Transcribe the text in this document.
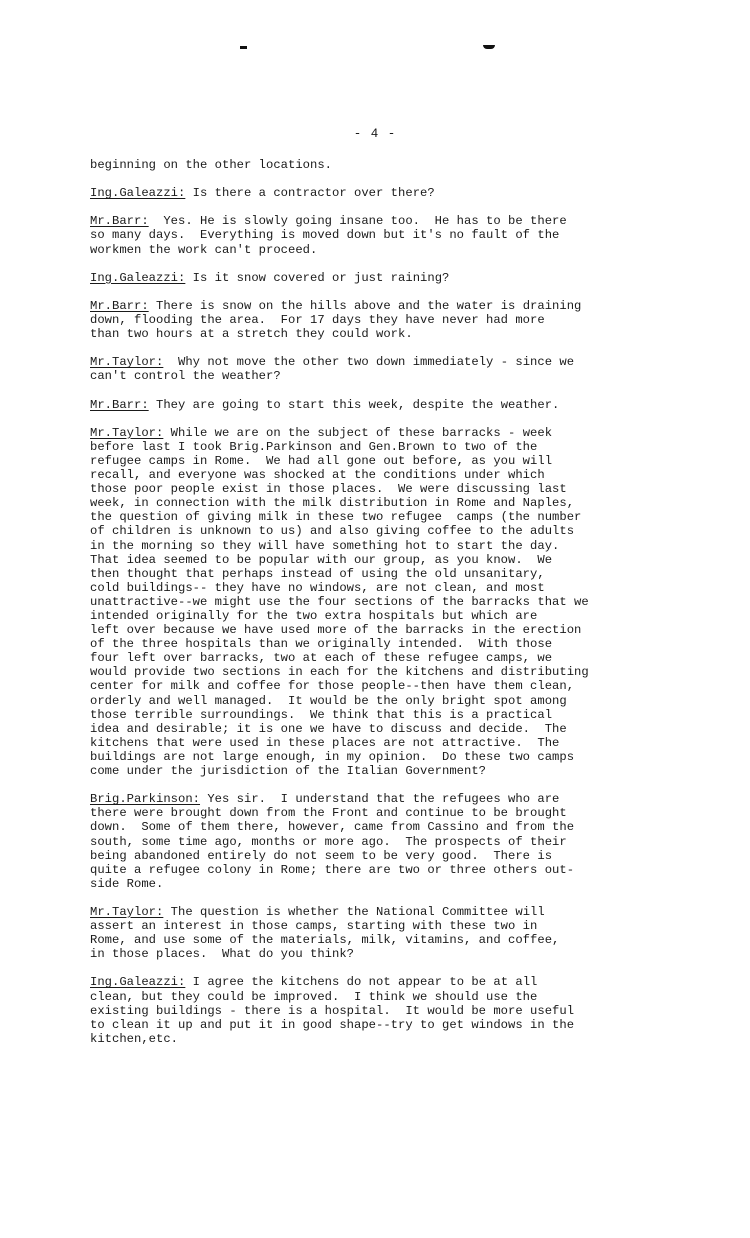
- 4 -
beginning on the other locations.
Ing.Galeazzi: Is there a contractor over there?
Mr.Barr:  Yes. He is slowly going insane too.  He has to be there
so many days.  Everything is moved down but it's no fault of the
workmen the work can't proceed.
Ing.Galeazzi: Is it snow covered or just raining?
Mr.Barr: There is snow on the hills above and the water is draining
down, flooding the area.  For 17 days they have never had more
than two hours at a stretch they could work.
Mr.Taylor:  Why not move the other two down immediately - since we
can't control the weather?
Mr.Barr: They are going to start this week, despite the weather.
Mr.Taylor: While we are on the subject of these barracks - week
before last I took Brig.Parkinson and Gen.Brown to two of the
refugee camps in Rome.  We had all gone out before, as you will
recall, and everyone was shocked at the conditions under which
those poor people exist in those places.  We were discussing last
week, in connection with the milk distribution in Rome and Naples,
the question of giving milk in these two refugee  camps (the number
of children is unknown to us) and also giving coffee to the adults
in the morning so they will have something hot to start the day.
That idea seemed to be popular with our group, as you know.  We
then thought that perhaps instead of using the old unsanitary,
cold buildings-- they have no windows, are not clean, and most
unattractive--we might use the four sections of the barracks that we
intended originally for the two extra hospitals but which are
left over because we have used more of the barracks in the erection
of the three hospitals than we originally intended.  With those
four left over barracks, two at each of these refugee camps, we
would provide two sections in each for the kitchens and distributing
center for milk and coffee for those people--then have them clean,
orderly and well managed.  It would be the only bright spot among
those terrible surroundings.  We think that this is a practical
idea and desirable; it is one we have to discuss and decide.  The
kitchens that were used in these places are not attractive.  The
buildings are not large enough, in my opinion.  Do these two camps
come under the jurisdiction of the Italian Government?
Brig.Parkinson: Yes sir.  I understand that the refugees who are
there were brought down from the Front and continue to be brought
down.  Some of them there, however, came from Cassino and from the
south, some time ago, months or more ago.  The prospects of their
being abandoned entirely do not seem to be very good.  There is
quite a refugee colony in Rome; there are two or three others out-
side Rome.
Mr.Taylor: The question is whether the National Committee will
assert an interest in those camps, starting with these two in
Rome, and use some of the materials, milk, vitamins, and coffee,
in those places.  What do you think?
Ing.Galeazzi: I agree the kitchens do not appear to be at all
clean, but they could be improved.  I think we should use the
existing buildings - there is a hospital.  It would be more useful
to clean it up and put it in good shape--try to get windows in the
kitchen,etc.
